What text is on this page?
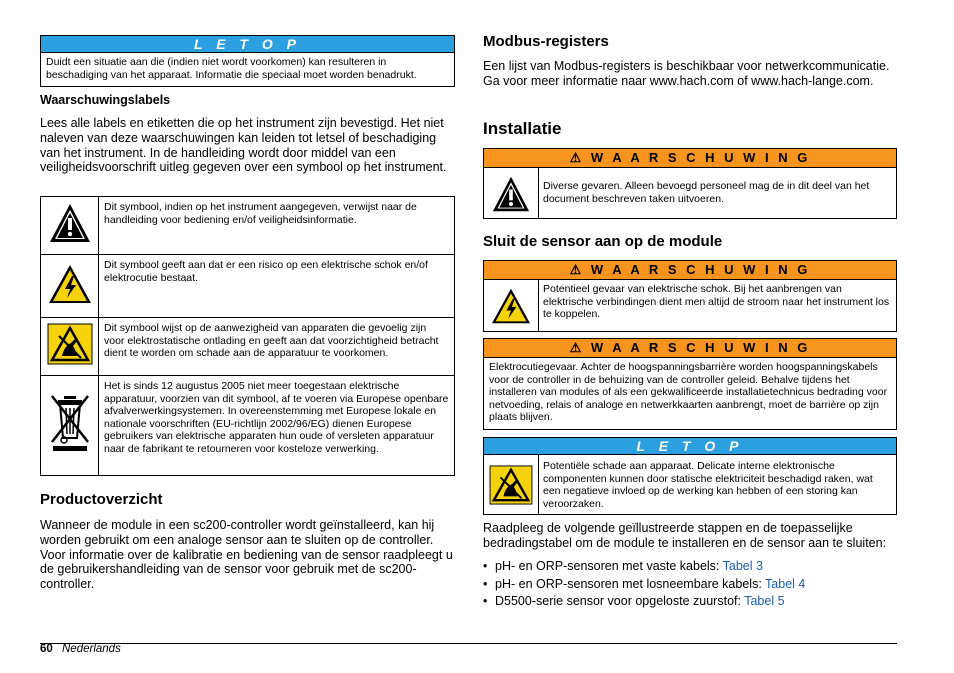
L E T O P
Duidt een situatie aan die (indien niet wordt voorkomen) kan resulteren in beschadiging van het apparaat. Informatie die speciaal moet worden benadrukt.
Waarschuwingslabels

Lees alle labels en etiketten die op het instrument zijn bevestigd. Het niet naleven van deze waarschuwingen kan leiden tot letsel of beschadiging van het instrument. In de handleiding wordt door middel van een veiligheidsvoorschrift uitleg gegeven over een symbool op het instrument.

	Dit symbool, indien op het instrument aangegeven, verwijst naar de handleiding voor bediening en/of veiligheidsinformatie.
	Dit symbool geeft aan dat er een risico op een elektrische schok en/of elektrocutie bestaat.
	Dit symbool wijst op de aanwezigheid van apparaten die gevoelig zijn voor elektrostatische ontlading en geeft aan dat voorzichtigheid betracht dient te worden om schade aan de apparatuur te voorkomen.
	Het is sinds 12 augustus 2005 niet meer toegestaan elektrische apparatuur, voorzien van dit symbool, af te voeren via Europese openbare afvalverwerkingsystemen. In overeenstemming met Europese lokale en nationale voorschriften (EU-richtlijn 2002/96/EG) dienen Europese gebruikers van elektrische apparaten hun oude of versleten apparatuur naar de fabrikant te retourneren voor kosteloze verwerking.
Productoverzicht

Wanneer de module in een sc200-controller wordt geïnstalleerd, kan hij worden gebruikt om een analoge sensor aan te sluiten op de controller. Voor informatie over de kalibratie en bediening van de sensor raadpleegt u de gebruikershandleiding van de sensor voor gebruik met de sc200-controller.

Modbus-registers

Een lijst van Modbus-registers is beschikbaar voor netwerkcommunicatie. Ga voor meer informatie naar www.hach.com of www.hach-lange.com.

Installatie
⚠ W A A R S C H U W I N G
Diverse gevaren. Alleen bevoegd personeel mag de in dit deel van het document beschreven taken uitvoeren.
Sluit de sensor aan op de module
⚠ W A A R S C H U W I N G
Potentieel gevaar van elektrische schok. Bij het aanbrengen van elektrische verbindingen dient men altijd de stroom naar het instrument los te koppelen.
⚠ W A A R S C H U W I N G
Elektrocutiegevaar. Achter de hoogspanningsbarrière worden hoogspanningskabels voor de controller in de behuizing van de controller geleid. Behalve tijdens het installeren van modules of als een gekwalificeerde installatietechnicus bedrading voor netvoeding, relais of analoge en netwerkkaarten aanbrengt, moet de barrière op zijn plaats blijven.
L E T O P
Potentiële schade aan apparaat. Delicate interne elektronische componenten kunnen door statische elektriciteit beschadigd raken, wat een negatieve invloed op de werking kan hebben of een storing kan veroorzaken.

Raadpleeg de volgende geïllustreerde stappen en de toepasselijke bedradingstabel om de module te installeren en de sensor aan te sluiten:

• pH- en ORP-sensoren met vaste kabels: Tabel 3
• pH- en ORP-sensoren met losneembare kabels: Tabel 4
• D5500-serie sensor voor opgeloste zuurstof: Tabel 5
60 Nederlands
